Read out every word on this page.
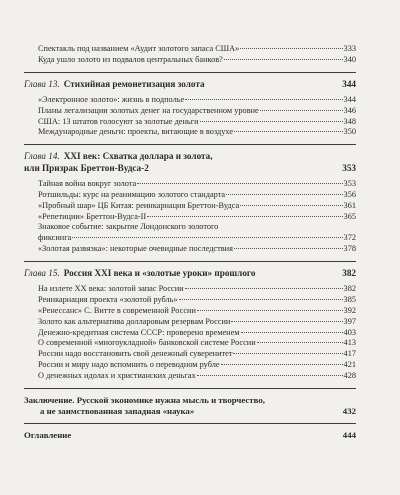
Спектакль под названием «Аудит золотого запаса США»	333
Куда ушло золото из подвалов центральных банков?	340
Глава 13. Стихийная ремонетизация золота	344
«Электронное золото»: жизнь в подполье	344
Планы легализации золотых денег на государственном уровне	346
США: 13 штатов голосуют за золотые деньги	348
Международные деньги: проекты, витающие в воздухе	350
Глава 14. XXI век: Схватка доллара и золота,
или Призрак Бреттон-Вудса-2	353
Тайная война вокруг золота	353
Ротшильды: курс на реанимацию золотого стандарта	356
«Пробный шар» ЦБ Китая: реинкарнация Бреттон-Вудса	361
«Репетиции» Бреттон-Вудса-II	365
Знаковое событие: закрытие Лондонского золотого
фиксинга	372
«Золотая развязка»: некоторые очевидные последствия	378
Глава 15. Россия XXI века и «золотые уроки» прошлого	382
На излете ХХ века: золотой запас России	382
Реинкарнация проекта «золотой рубль»	385
«Ренессанс» С. Витте в современной России	392
Золото как альтернатива долларовым резервам России	397
Денежно-кредитная система СССР: проверено временем	403
О современной «многоукладной» банковской системе России	413
России надо восстановить свой денежный суверенитет	417
России и миру надо вспомнить о переводном рубле	421
О денежных идолах и христианских деньгах	428
Заключение. Русской экономике нужна мысль и творчество,
а не заимствованная западная «наука»	432
Оглавление	444
